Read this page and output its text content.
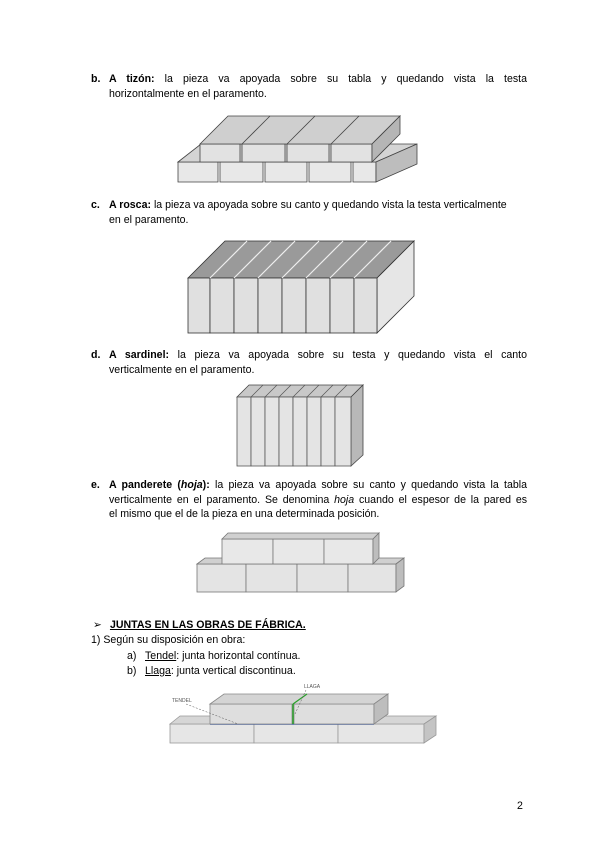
b. A tizón: la pieza va apoyada sobre su tabla y quedando vista la testa
horizontalmente en el paramento.
c. A rosca: la pieza va apoyada sobre su canto y quedando vista la testa verticalmente
en el paramento.
d. A sardinel: la pieza va apoyada sobre su testa y quedando vista el canto
verticalmente en el paramento.
e. A panderete (hoja): la pieza va apoyada sobre su canto y quedando vista la tabla
verticalmente en el paramento. Se denomina hoja cuando el espesor de la pared es
el mismo que el de la pieza en una determinada posición.
➢ JUNTAS EN LAS OBRAS DE FÁBRICA.
1) Según su disposición en obra:
a) Tendel: junta horizontal contínua.
b) Llaga: junta vertical discontinua.
TENDEL
LLAGA
2
